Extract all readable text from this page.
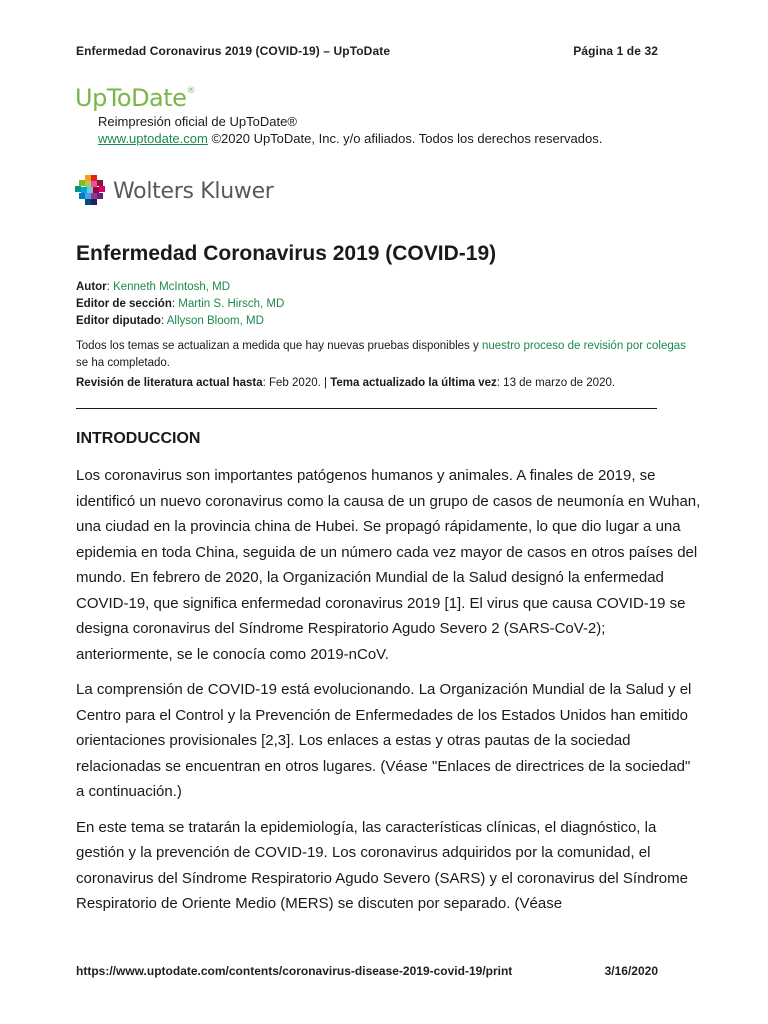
Enfermedad Coronavirus 2019 (COVID-19) – UpToDate	Página 1 de 32
UpToDate®
Reimpresión oficial de UpToDate®
www.uptodate.com ©2020 UpToDate, Inc. y/o afiliados. Todos los derechos reservados.
Wolters Kluwer
Enfermedad Coronavirus 2019 (COVID-19)
Autor: Kenneth McIntosh, MD
Editor de sección: Martin S. Hirsch, MD
Editor diputado: Allyson Bloom, MD
Todos los temas se actualizan a medida que hay nuevas pruebas disponibles y nuestro proceso de revisión por colegas se ha completado.
Revisión de literatura actual hasta: Feb 2020. | Tema actualizado la última vez: 13 de marzo de 2020.
INTRODUCCION

Los coronavirus son importantes patógenos humanos y animales. A finales de 2019, se identificó un nuevo coronavirus como la causa de un grupo de casos de neumonía en Wuhan, una ciudad en la provincia china de Hubei. Se propagó rápidamente, lo que dio lugar a una epidemia en toda China, seguida de un número cada vez mayor de casos en otros países del mundo. En febrero de 2020, la Organización Mundial de la Salud designó la enfermedad COVID-19, que significa enfermedad coronavirus 2019 [1]. El virus que causa COVID-19 se designa coronavirus del Síndrome Respiratorio Agudo Severo 2 (SARS-CoV-2); anteriormente, se le conocía como 2019-nCoV.

La comprensión de COVID-19 está evolucionando. La Organización Mundial de la Salud y el Centro para el Control y la Prevención de Enfermedades de los Estados Unidos han emitido orientaciones provisionales [2,3]. Los enlaces a estas y otras pautas de la sociedad relacionadas se encuentran en otros lugares. (Véase "Enlaces de directrices de la sociedad" a continuación.)

En este tema se tratarán la epidemiología, las características clínicas, el diagnóstico, la gestión y la prevención de COVID-19. Los coronavirus adquiridos por la comunidad, el coronavirus del Síndrome Respiratorio Agudo Severo (SARS) y el coronavirus del Síndrome Respiratorio de Oriente Medio (MERS) se discuten por separado. (Véase

https://www.uptodate.com/contents/coronavirus-disease-2019-covid-19/print	3/16/2020
